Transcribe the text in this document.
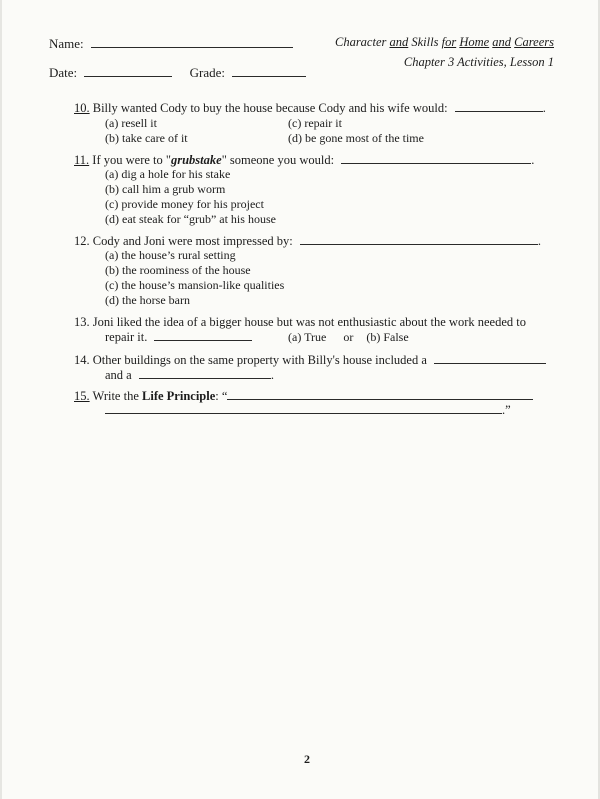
Name:
Date:	Grade:
Character and Skills for Home and Careers
Chapter 3 Activities, Lesson 1
10. Billy wanted Cody to buy the house because Cody and his wife would:	.
(a) resell it	(c) repair it
(b) take care of it	(d) be gone most of the time
11. If you were to "grubstake" someone you would:	.
(a) dig a hole for his stake
(b) call him a grub worm
(c) provide money for his project
(d) eat steak for “grub” at his house
12. Cody and Joni were most impressed by:	.
(a) the house’s rural setting
(b) the roominess of the house
(c) the house’s mansion-like qualities
(d) the horse barn
13. Joni liked the idea of a bigger house but was not enthusiastic about the work needed to
repair it.	(a) True or (b) False
14. Other buildings on the same property with Billy's house included a
and a	.
15. Write the Life Principle: “
.”
2
